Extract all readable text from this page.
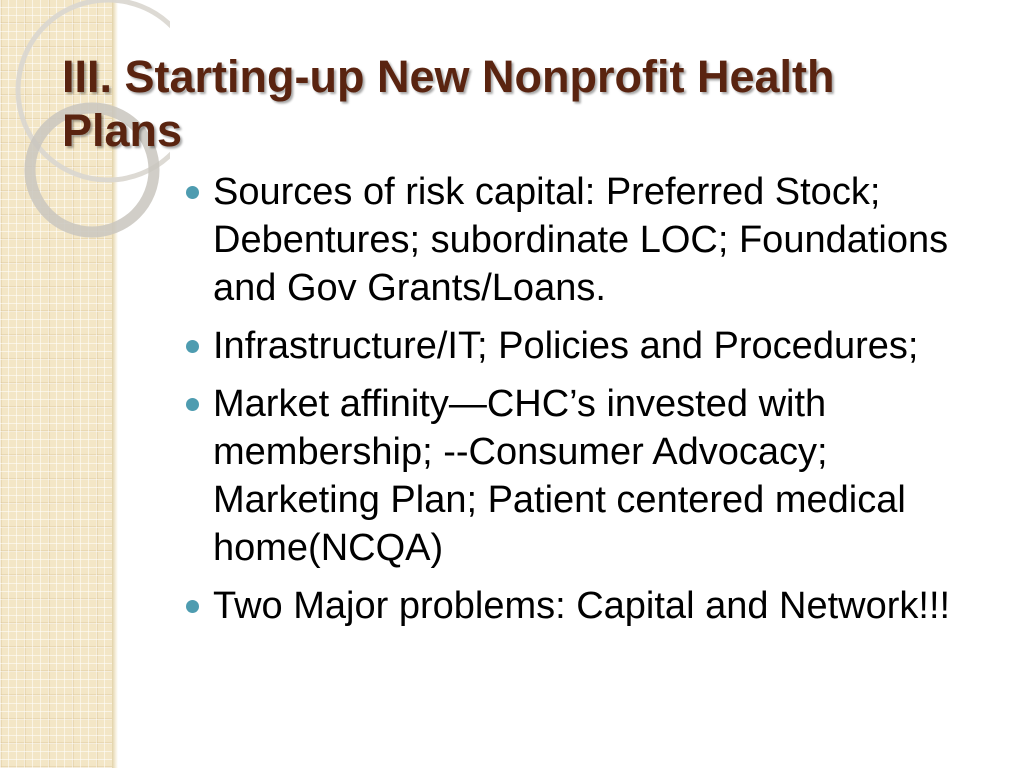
III. Starting-up New Nonprofit Health Plans
Sources of risk capital: Preferred Stock; Debentures; subordinate LOC; Foundations and Gov Grants/Loans.
Infrastructure/IT; Policies and Procedures;
Market affinity—CHC’s invested with membership; --Consumer Advocacy; Marketing Plan; Patient centered medical home(NCQA)
Two Major problems: Capital and Network!!!
